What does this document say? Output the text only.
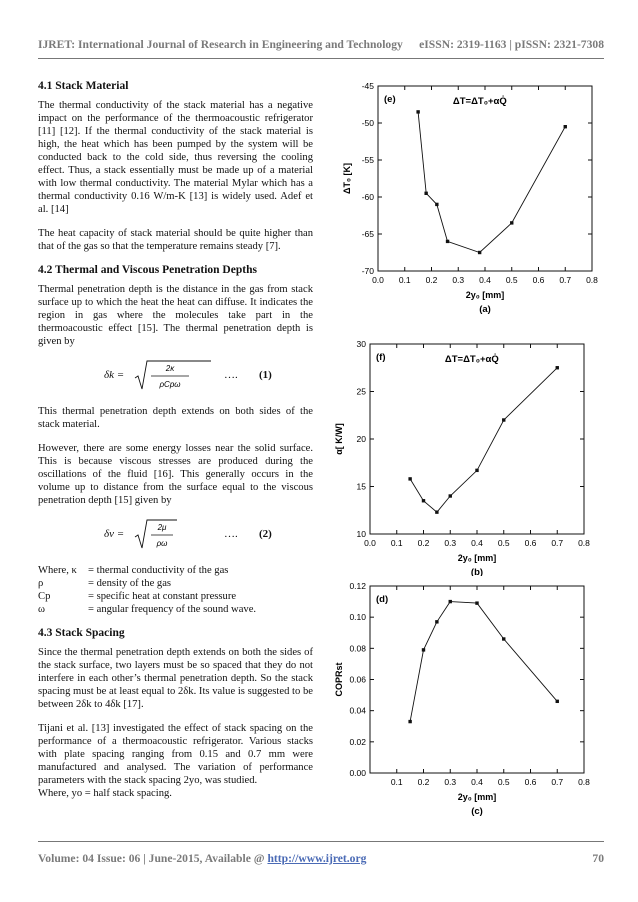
IJRET: International Journal of Research in Engineering and Technology eISSN: 2319-1163 | pISSN: 2321-7308
4.1 Stack Material

The thermal conductivity of the stack material has a negative impact on the performance of the thermoacoustic refrigerator [11] [12]. If the thermal conductivity of the stack material is high, the heat which has been pumped by the system will be conducted back to the cold side, thus reversing the cooling effect. Thus, a stack essentially must be made up of a material with low thermal conductivity. The material Mylar which has a thermal conductivity 0.16 W/m-K [13] is widely used. Adef et al. [14]

The heat capacity of stack material should be quite higher than that of the gas so that the temperature remains steady [7].

4.2 Thermal and Viscous Penetration Depths

Thermal penetration depth is the distance in the gas from stack surface up to which the heat the heat can diffuse. It indicates the region in gas where the molecules take part in the thermoacoustic effect [15]. The thermal penetration depth is given by

δk =
2κ
ρCpω
…. (1)

This thermal penetration depth extends on both sides of the stack material.

However, there are some energy losses near the solid surface. This is because viscous stresses are produced during the oscillations of the fluid [16]. This generally occurs in the volume up to distance from the surface equal to the viscous penetration depth [15] given by

δv =
2μ
ρω
…. (2)
Where, κ = thermal conductivity of the gas
ρ	= density of the gas
Cp	= specific heat at constant pressure
ω	= angular frequency of the sound wave.
4.3 Stack Spacing

Since the thermal penetration depth extends on both the sides of the stack surface, two layers must be so spaced that they do not interfere in each other’s thermal penetration depth. So the stack spacing must be at least equal to 2δk. Its value is suggested to be between 2δk to 4δk [17].

Tijani et al. [13] investigated the effect of stack spacing on the performance of a thermoacoustic refrigerator. Various stacks with plate spacing ranging from 0.15 and 0.7 mm were manufactured and analysed. The variation of performance parameters with the stack spacing 2yo, was studied.

Where, yo = half stack spacing.

0.0 0.1 0.2 0.3 0.4 0.5 0.6 0.7 0.8
-45
-50
-55
-60
-65
-70
(e)	ΔT=ΔT₀+αQ̇
2y₀ [mm]
ΔT₀ [K]
(a)
0.0 0.1 0.2 0.3 0.4 0.5 0.6 0.7 0.8
30
25
20
15
10
(f)	ΔT=ΔT₀+αQ̇
2y₀ [mm]
α[ K/W]
(b)
0.1 0.2 0.3 0.4 0.5 0.6 0.7 0.8
0.12
0.10
0.08
0.06
0.04
0.02
0.00
(d)
2y₀ [mm]
COPRst
(c)
Volume: 04 Issue: 06 | June-2015, Available @ http://www.ijret.org	70
